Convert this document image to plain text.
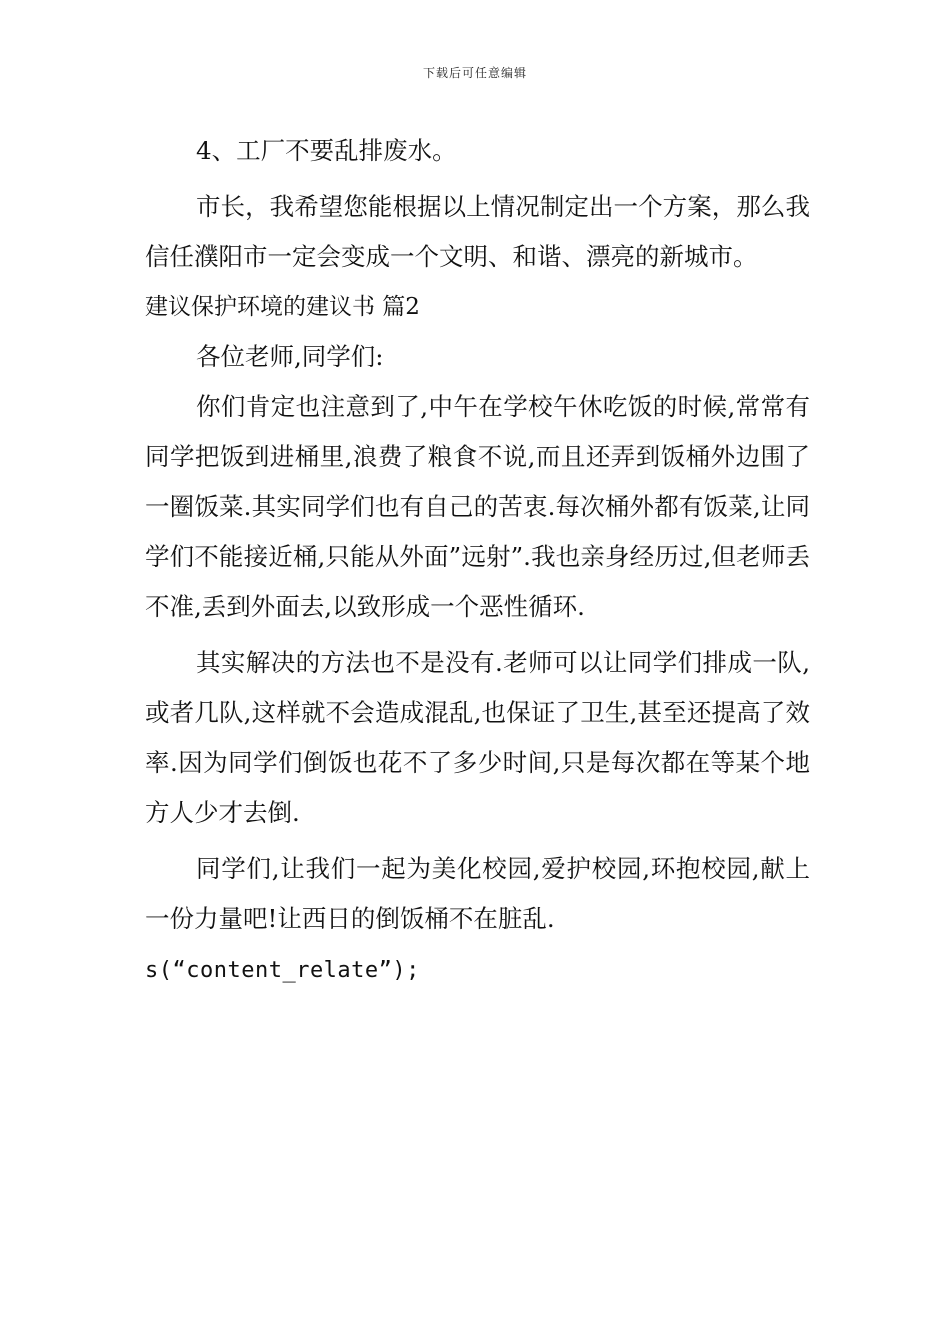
下载后可任意编辑

4、工厂不要乱排废水。

市长，我希望您能根据以上情况制定出一个方案，那么我信任濮阳市一定会变成一个文明、和谐、漂亮的新城市。

建议保护环境的建议书 篇2

各位老师,同学们:

你们肯定也注意到了,中午在学校午休吃饭的时候,常常有同学把饭到进桶里,浪费了粮食不说,而且还弄到饭桶外边围了一圈饭菜.其实同学们也有自己的苦衷.每次桶外都有饭菜,让同学们不能接近桶,只能从外面”远射”.我也亲身经历过,但老师丢不准,丢到外面去,以致形成一个恶性循环.

其实解决的方法也不是没有.老师可以让同学们排成一队,或者几队,这样就不会造成混乱,也保证了卫生,甚至还提高了效率.因为同学们倒饭也花不了多少时间,只是每次都在等某个地方人少才去倒.

同学们,让我们一起为美化校园,爱护校园,环抱校园,献上一份力量吧!让西日的倒饭桶不在脏乱.

s(“content_relate”);
